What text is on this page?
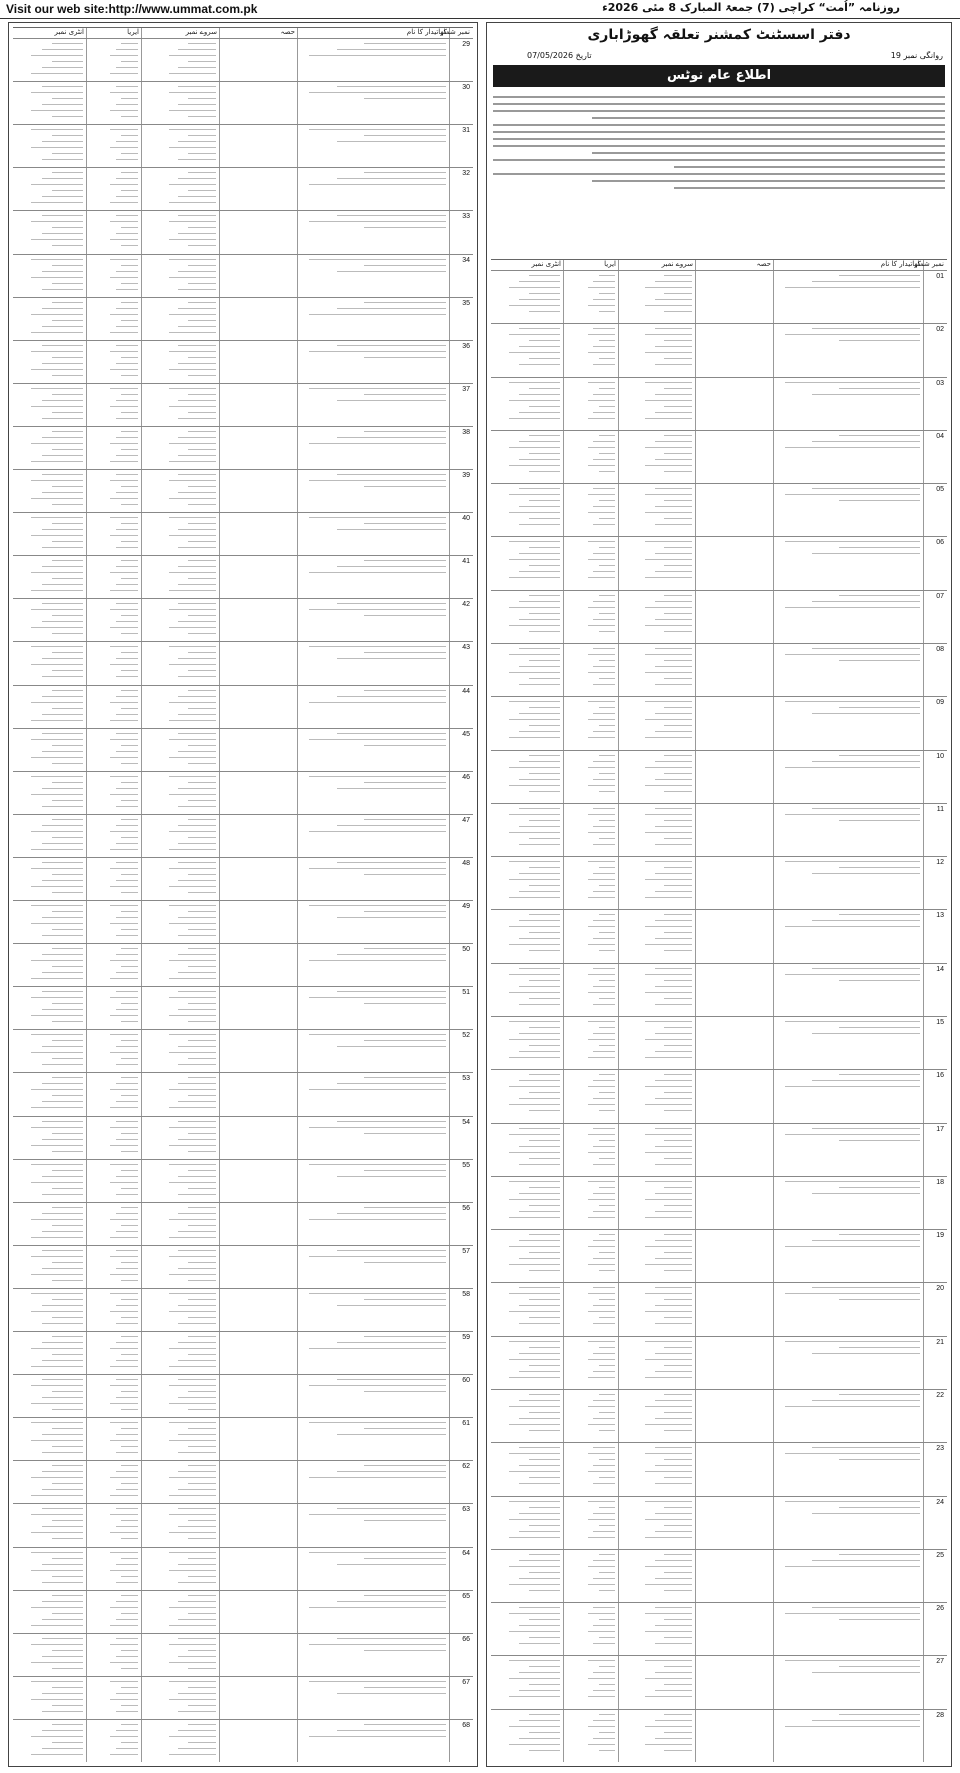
Visit our web site:http://www.ummat.com.pk	روزنامہ ”اُمت“ کراچی (7) جمعۃ المبارک 8 مئی 2026ء
نمبر شمار
کھاتیدار کا نام
حصہ
سروے نمبر
ایریا
انٹری نمبر
29
30
31
32
33
34
35
36
37
38
39
40
41
42
43
44
45
46
47
48
49
50
51
52
53
54
55
56
57
58
59
60
61
62
63
64
65
66
67
68
دفتر اسسٹنٹ کمشنر تعلقہ گھوڑاباری
روانگی نمبر 19
تاریخ 07/05/2026
اطلاع عام نوٹس
نمبر شمار
کھاتیدار کا نام
حصہ
سروے نمبر
ایریا
انٹری نمبر
01
02
03
04
05
06
07
08
09
10
11
12
13
14
15
16
17
18
19
20
21
22
23
24
25
26
27
28
